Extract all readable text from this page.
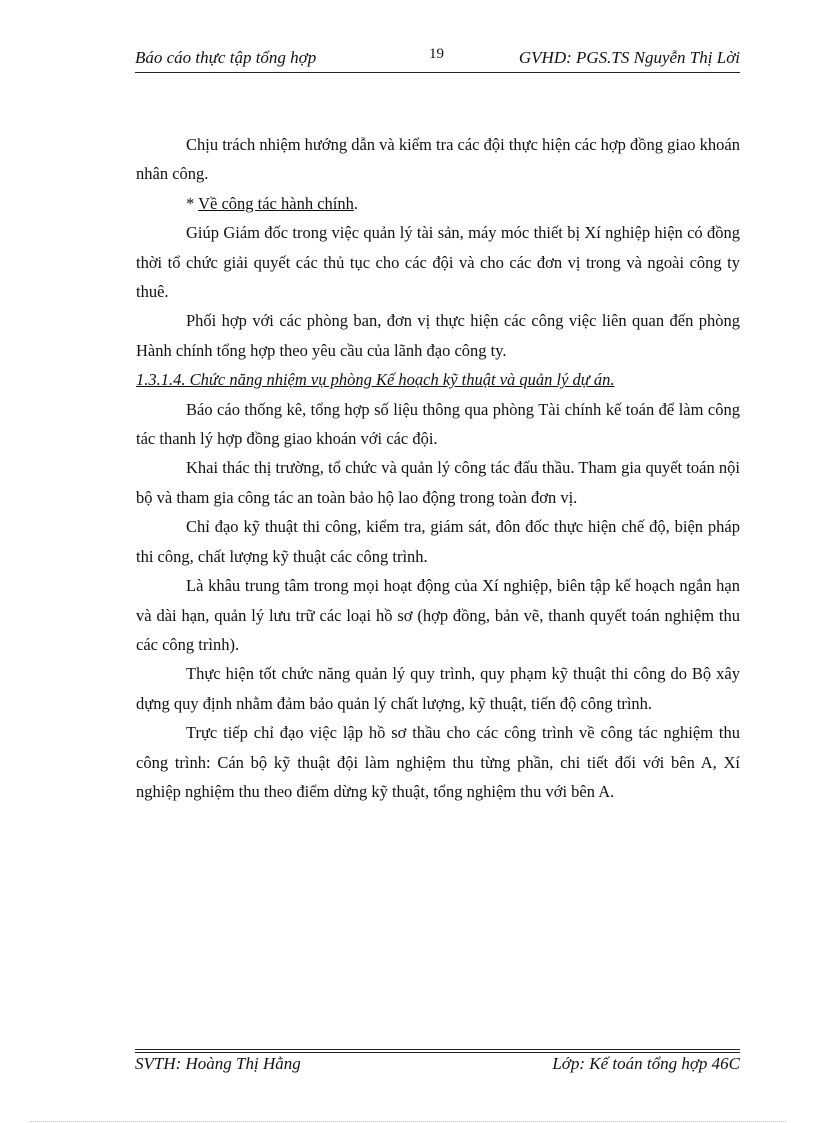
Báo cáo thực tập tổng hợp	19	GVHD: PGS.TS Nguyễn Thị Lời

Chịu trách nhiệm hướng dẫn và kiểm tra các đội thực hiện các hợp đồng giao khoán nhân công.

* Về công tác hành chính.

Giúp Giám đốc trong việc quản lý tài sản, máy móc thiết bị Xí nghiệp hiện có đồng thời tổ chức giải quyết các thủ tục cho các đội và cho các đơn vị trong và ngoài công ty thuê.

Phối hợp với các phòng ban, đơn vị thực hiện các công việc liên quan đến phòng Hành chính tổng hợp theo yêu cầu của lãnh đạo công ty.

1.3.1.4. Chức năng nhiệm vụ phòng Kế hoạch kỹ thuật và quản lý dự án.

Báo cáo thống kê, tổng hợp số liệu thông qua phòng Tài chính kế toán để làm công tác thanh lý hợp đồng giao khoán với các đội.

Khai thác thị trường, tổ chức và quản lý công tác đấu thầu. Tham gia quyết toán nội bộ và tham gia công tác an toàn bảo hộ lao động trong toàn đơn vị.

Chỉ đạo kỹ thuật thi công, kiểm tra, giám sát, đôn đốc thực hiện chế độ, biện pháp thi công, chất lượng kỹ thuật các công trình.

Là khâu trung tâm trong mọi hoạt động của Xí nghiệp, biên tập kế hoạch ngắn hạn và dài hạn, quản lý lưu trữ các loại hồ sơ (hợp đồng, bản vẽ, thanh quyết toán nghiệm thu các công trình).

Thực hiện tốt chức năng quản lý quy trình, quy phạm kỹ thuật thi công do Bộ xây dựng quy định nhằm đảm bảo quản lý chất lượng, kỹ thuật, tiến độ công trình.

Trực tiếp chỉ đạo việc lập hồ sơ thầu cho các công trình về công tác nghiệm thu công trình: Cán bộ kỹ thuật đội làm nghiệm thu từng phần, chi tiết đối với bên A, Xí nghiệp nghiệm thu theo điểm dừng kỹ thuật, tổng nghiệm thu với bên A.

SVTH: Hoàng Thị Hằng	Lớp: Kế toán tổng hợp 46C
